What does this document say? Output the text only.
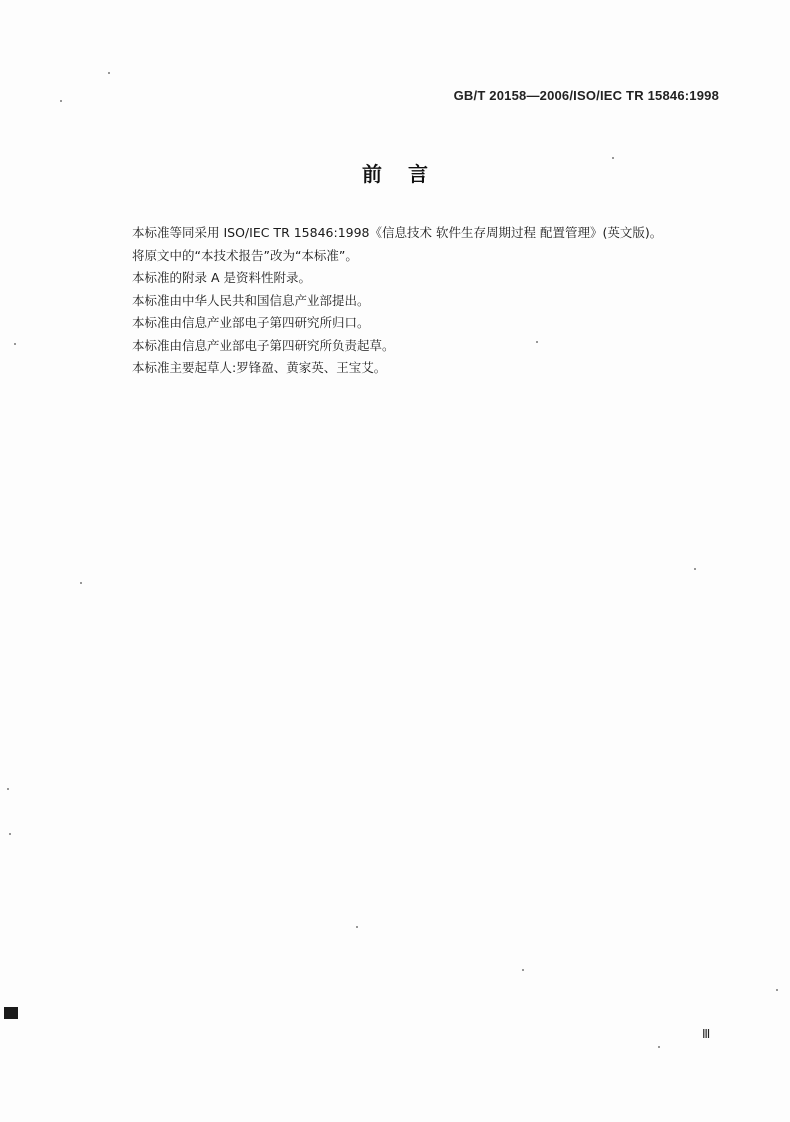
GB/T 20158—2006/ISO/IEC TR 15846:1998
前言

本标准等同采用 ISO/IEC TR 15846:1998《信息技术 软件生存周期过程 配置管理》(英文版)。

将原文中的“本技术报告”改为“本标准”。

本标准的附录 A 是资料性附录。

本标准由中华人民共和国信息产业部提出。

本标准由信息产业部电子第四研究所归口。

本标准由信息产业部电子第四研究所负责起草。

本标准主要起草人:罗锋盈、黄家英、王宝艾。

Ⅲ
